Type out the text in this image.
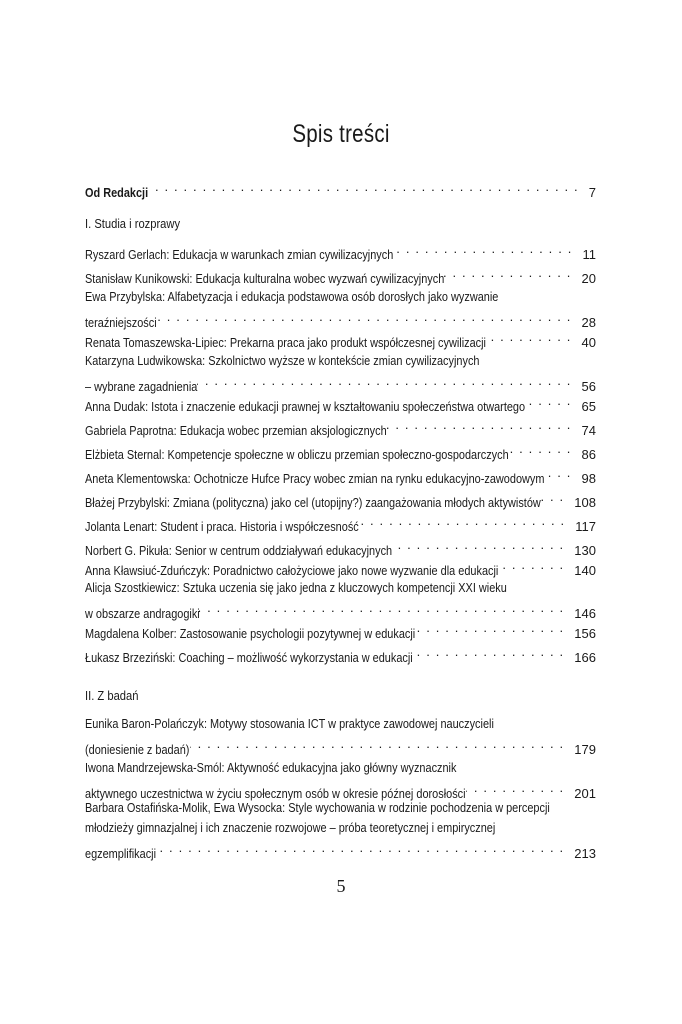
Spis treści
Od Redakcji . . .	7
Ryszard Gerlach: Edukacja w warunkach zmian cywilizacyjnych . . .	11
Stanisław Kunikowski: Edukacja kulturalna wobec wyzwań cywilizacyjnych . . .	20
Ewa Przybylska: Alfabetyzacja i edukacja podstawowa osób dorosłych jako wyzwanie
teraźniejszości . . .	28
Renata Tomaszewska-Lipiec: Prekarna praca jako produkt współczesnej cywilizacji . . .	40
Katarzyna Ludwikowska: Szkolnictwo wyższe w kontekście zmian cywilizacyjnych
– wybrane zagadnienia . . .	56
Anna Dudak: Istota i znaczenie edukacji prawnej w kształtowaniu społeczeństwa otwartego . . .	65
Gabriela Paprotna: Edukacja wobec przemian aksjologicznych . . .	74
Elżbieta Sternal: Kompetencje społeczne w obliczu przemian społeczno-gospodarczych . . .	86
Aneta Klementowska: Ochotnicze Hufce Pracy wobec zmian na rynku edukacyjno-zawodowym . . .	98
Błażej Przybylski: Zmiana (polityczna) jako cel (utopijny?) zaangażowania młodych aktywistów . . .	108
Jolanta Lenart: Student i praca. Historia i współczesność . . .	117
Norbert G. Pikuła: Senior w centrum oddziaływań edukacyjnych . . .	130
Anna Kławsiuć-Zduńczyk: Poradnictwo całożyciowe jako nowe wyzwanie dla edukacji . . .	140
Alicja Szostkiewicz: Sztuka uczenia się jako jedna z kluczowych kompetencji XXI wieku
w obszarze andragogiki . . .	146
Magdalena Kolber: Zastosowanie psychologii pozytywnej w edukacji . . .	156
Łukasz Brzeziński: Coaching – możliwość wykorzystania w edukacji . . .	166
Eunika Baron-Polańczyk: Motywy stosowania ICT w praktyce zawodowej nauczycieli
(doniesienie z badań) . . .	179
Iwona Mandrzejewska-Smól: Aktywność edukacyjna jako główny wyznacznik
aktywnego uczestnictwa w życiu społecznym osób w okresie późnej dorosłości . . .	201
Barbara Ostafińska-Molik, Ewa Wysocka: Style wychowania w rodzinie pochodzenia w percepcji
młodzieży gimnazjalnej i ich znaczenie rozwojowe – próba teoretycznej i empirycznej
egzemplifikacji . . .	213
I. Studia i rozprawy
II. Z badań
5
